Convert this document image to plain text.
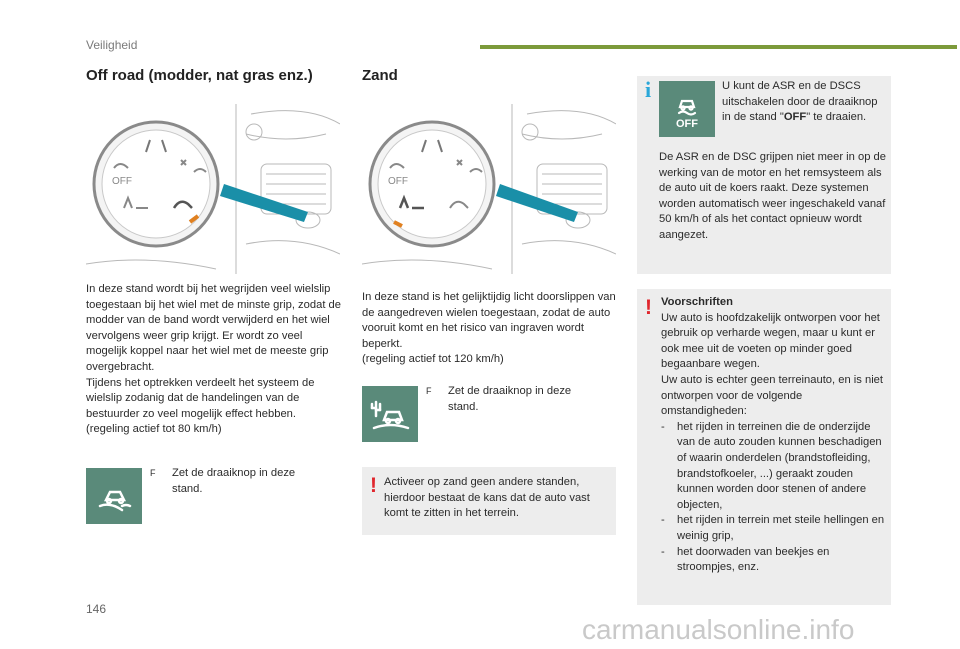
Veiligheid
Off road (modder, nat gras enz.)	Zand
OFF	OFF
In deze stand wordt bij het wegrijden veel wielslip toegestaan bij het wiel met de minste grip, zodat de modder van de band wordt verwijderd en het wiel vervolgens weer grip krijgt. Er wordt zo veel mogelijk koppel naar het wiel met de meeste grip overgebracht.
Tijdens het optrekken verdeelt het systeem de wielslip zodanig dat de handelingen van de bestuurder zo veel mogelijk effect hebben.
(regeling actief tot 80 km/h)
F	Zet de draaiknop in deze stand.
In deze stand is het gelijktijdig licht doorslippen van de aangedreven wielen toegestaan, zodat de auto vooruit komt en het risico van ingraven wordt beperkt.
(regeling actief tot 120 km/h)
F	Zet de draaiknop in deze stand.
! Activeer op zand geen andere standen, hierdoor bestaat de kans dat de auto vast komt te zitten in het terrein.
i
OFF
U kunt de ASR en de DSCS uitschakelen door de draaiknop in de stand "OFF" te draaien.
De ASR en de DSC grijpen niet meer in op de werking van de motor en het remsysteem als de auto uit de koers raakt. Deze systemen worden automatisch weer ingeschakeld vanaf 50 km/h of als het contact opnieuw wordt aangezet.
! Voorschriften
Uw auto is hoofdzakelijk ontworpen voor het gebruik op verharde wegen, maar u kunt er ook mee uit de voeten op minder goed begaanbare wegen.
Uw auto is echter geen terreinauto, en is niet ontworpen voor de volgende omstandigheden:
-	het rijden in terreinen die de onderzijde van de auto zouden kunnen beschadigen of waarin onderdelen (brandstofleiding, brandstofkoeler, ...) geraakt zouden kunnen worden door stenen of andere objecten,
-	het rijden in terrein met steile hellingen en weinig grip,
-	het doorwaden van beekjes en stroompjes, enz.
146
carmanualsonline.info
